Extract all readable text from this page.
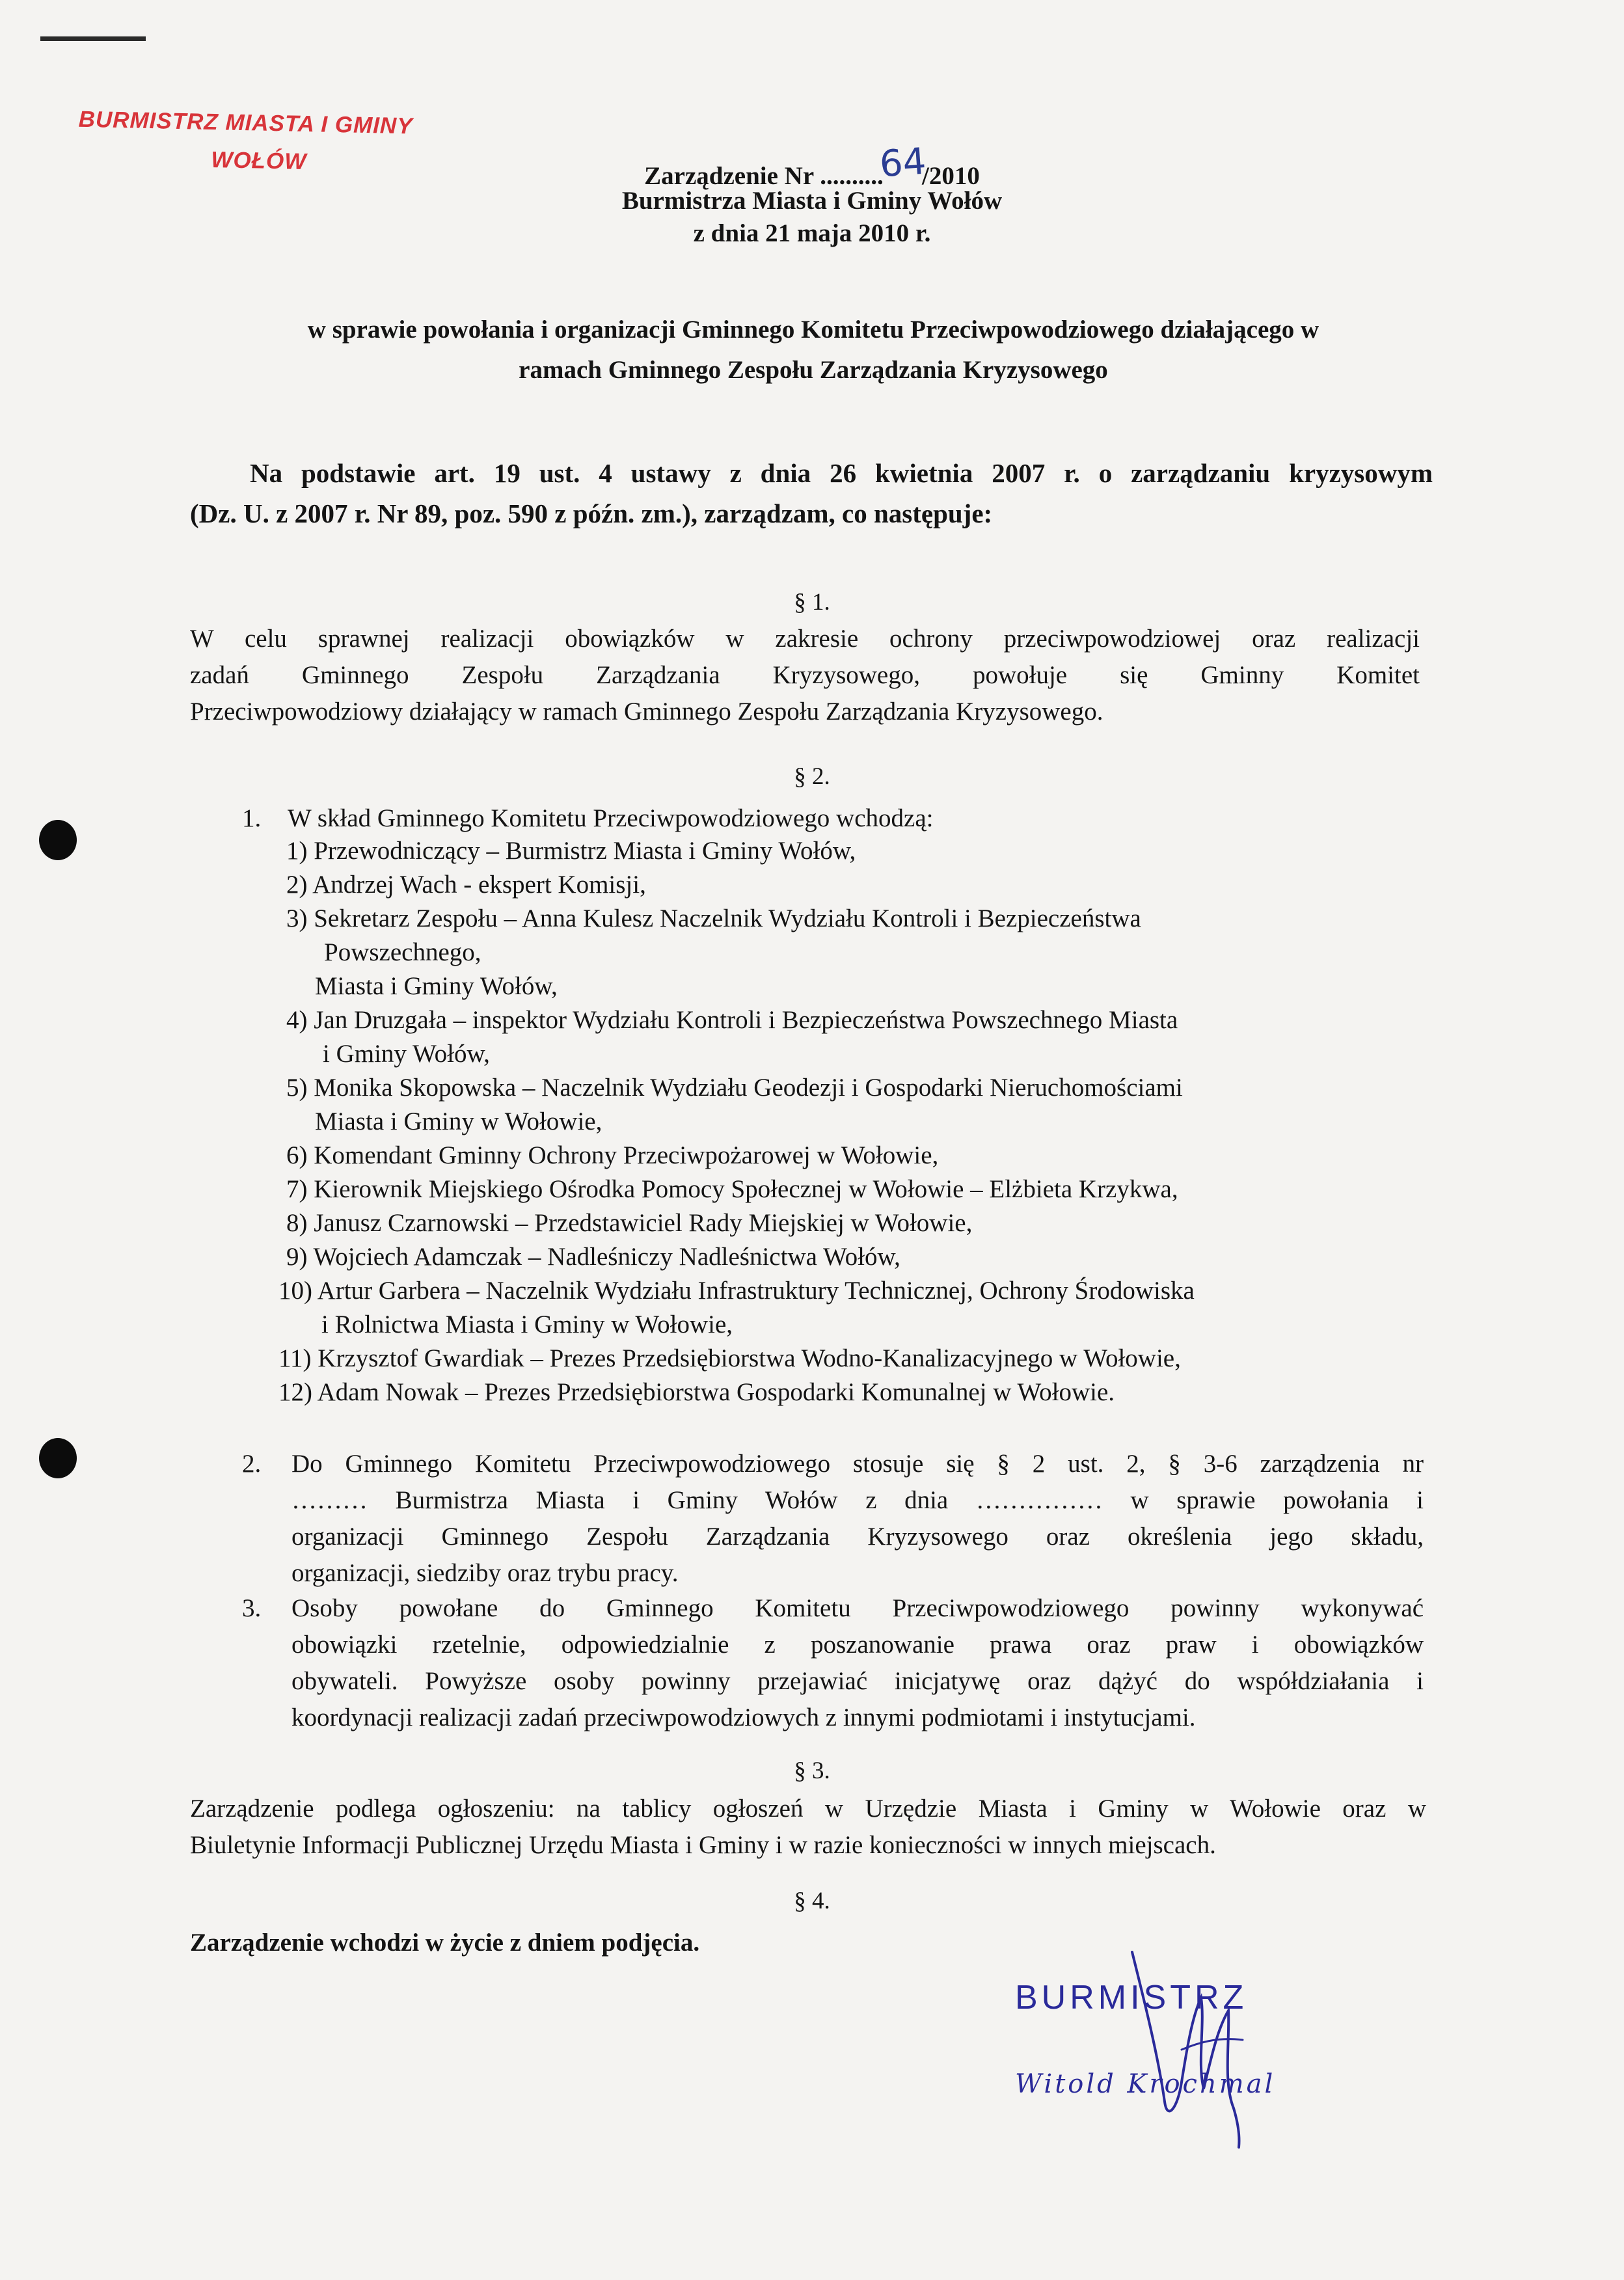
BURMISTRZ MIASTA I GMINY
WOŁÓW
Zarządzenie Nr ..........64/2010
Burmistrza Miasta i Gminy Wołów
z dnia 21 maja 2010 r.
w sprawie powołania i organizacji Gminnego Komitetu Przeciwpowodziowego działającego w
ramach Gminnego Zespołu Zarządzania Kryzysowego
Na podstawie art. 19 ust. 4 ustawy z dnia 26 kwietnia 2007 r. o zarządzaniu kryzysowym
(Dz. U. z 2007 r. Nr 89, poz. 590 z późn. zm.), zarządzam, co następuje:
§ 1.
W celu sprawnej realizacji obowiązków w zakresie ochrony przeciwpowodziowej oraz realizacji
zadań Gminnego Zespołu Zarządzania Kryzysowego, powołuje się Gminny Komitet
Przeciwpowodziowy działający w ramach Gminnego Zespołu Zarządzania Kryzysowego.
§ 2.
1. W skład Gminnego Komitetu Przeciwpowodziowego wchodzą:
1) Przewodniczący – Burmistrz Miasta i Gminy Wołów,
2) Andrzej Wach - ekspert Komisji,
3) Sekretarz Zespołu – Anna Kulesz Naczelnik Wydziału Kontroli i Bezpieczeństwa
Powszechnego,
Miasta i Gminy Wołów,
4) Jan Druzgała – inspektor Wydziału Kontroli i Bezpieczeństwa Powszechnego Miasta
i Gminy Wołów,
5) Monika Skopowska – Naczelnik Wydziału Geodezji i Gospodarki Nieruchomościami
Miasta i Gminy w Wołowie,
6) Komendant Gminny Ochrony Przeciwpożarowej w Wołowie,
7) Kierownik Miejskiego Ośrodka Pomocy Społecznej w Wołowie – Elżbieta Krzykwa,
8) Janusz Czarnowski – Przedstawiciel Rady Miejskiej w Wołowie,
9) Wojciech Adamczak – Nadleśniczy Nadleśnictwa Wołów,
10) Artur Garbera – Naczelnik Wydziału Infrastruktury Technicznej, Ochrony Środowiska
i Rolnictwa Miasta i Gminy w Wołowie,
11) Krzysztof Gwardiak – Prezes Przedsiębiorstwa Wodno-Kanalizacyjnego w Wołowie,
12) Adam Nowak – Prezes Przedsiębiorstwa Gospodarki Komunalnej w Wołowie.
2. Do Gminnego Komitetu Przeciwpowodziowego stosuje się § 2 ust. 2, § 3-6 zarządzenia nr
……… Burmistrza Miasta i Gminy Wołów z dnia …………… w sprawie powołania i
organizacji Gminnego Zespołu Zarządzania Kryzysowego oraz określenia jego składu,
organizacji, siedziby oraz trybu pracy.
3. Osoby powołane do Gminnego Komitetu Przeciwpowodziowego powinny wykonywać
obowiązki rzetelnie, odpowiedzialnie z poszanowanie prawa oraz praw i obowiązków
obywateli. Powyższe osoby powinny przejawiać inicjatywę oraz dążyć do współdziałania i
koordynacji realizacji zadań przeciwpowodziowych z innymi podmiotami i instytucjami.
§ 3.
Zarządzenie podlega ogłoszeniu: na tablicy ogłoszeń w Urzędzie Miasta i Gminy w Wołowie oraz w
Biuletynie Informacji Publicznej Urzędu Miasta i Gminy i w razie konieczności w innych miejscach.
§ 4.
Zarządzenie wchodzi w życie z dniem podjęcia.
BURMISTRZ
Witold Krochmal
